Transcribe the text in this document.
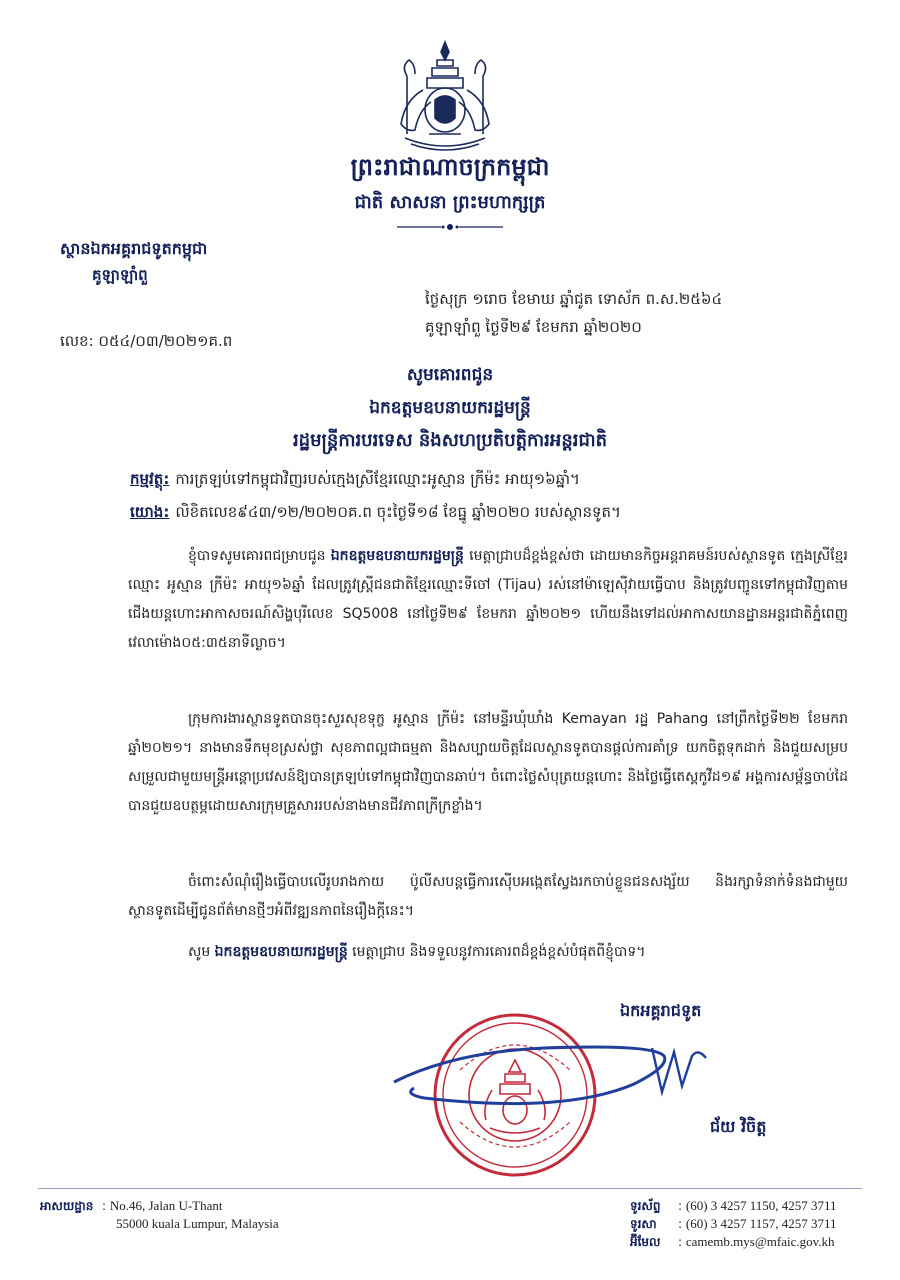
ព្រះរាជាណាចក្រកម្ពុជា
ជាតិ សាសនា ព្រះមហាក្សត្រ
ស្ថានឯកអគ្គរាជទូតកម្ពុជា
គូឡាឡាំពួ
ថ្ងៃសុក្រ ១រោច ខែមាឃ ឆ្នាំជូត ទោស័ក ព.ស.២៥៦៤
គូឡាឡាំពួ ថ្ងៃទី២៩ ខែមករា ឆ្នាំ២០២០
លេខ: ០៥៤/០៣/២០២១គ.ព
សូមគោរពជូន
ឯកឧត្តមឧបនាយករដ្ឋមន្ត្រី
រដ្ឋមន្ត្រីការបរទេស និងសហប្រតិបត្តិការអន្តរជាតិ
កម្មវត្ថុ: ការត្រឡប់ទៅកម្ពុជាវិញរបស់ក្មេងស្រីខ្មែរឈ្មោះអូស្មាន ក្រីម៉ះ អាយុ១៦ឆ្នាំ។
យោង: លិខិតលេខ៩៤៣/១២/២០២០គ.ព ចុះថ្ងៃទី១៨ ខែធ្នូ ឆ្នាំ២០២០ របស់ស្ថានទូត។
ខ្ញុំបាទសូមគោរពជម្រាបជូន ឯកឧត្តមឧបនាយករដ្ឋមន្ត្រី មេត្តាជ្រាបដ៏ខ្ពង់ខ្ពស់ថា ដោយមានកិច្ចអន្តរាគមន៍របស់ស្ថានទូត ក្មេងស្រីខ្មែរឈ្មោះ អូស្មាន ក្រីម៉ះ អាយុ១៦ឆ្នាំ ដែលត្រូវស្រ្តីជនជាតិខ្មែរឈ្មោះទីចៅ (Tijau) រស់នៅម៉ាឡេស៊ីវាយធ្វើបាប និងត្រូវបញ្ជូនទៅកម្ពុជាវិញតាមជើងយន្តហោះអាកាសចរណ៍សិង្ហបុរីលេខ SQ5008 នៅថ្ងៃទី២៩ ខែមករា ឆ្នាំ២០២១ ហើយនឹងទៅដល់អាកាសយានដ្ឋានអន្តរជាតិភ្នំពេញវេលាម៉ោង០៥:៣៥នាទីល្ងាច។
ក្រុមការងារស្ថានទូតបានចុះសួរសុខទុក្ខ អូស្មាន ក្រីម៉ះ នៅមន្ទីរឃុំឃាំង Kemayan រដ្ឋ Pahang នៅព្រឹកថ្ងៃទី២២ ខែមករា ឆ្នាំ២០២១។ នាងមានទឹកមុខស្រស់ថ្លា សុខភាពល្អជាធម្មតា និងសប្បាយចិត្តដែលស្ថានទូតបានផ្តល់ការគាំទ្រ យកចិត្តទុកដាក់ និងជួយសម្របសម្រួលជាមួយមន្ត្រីអន្តោប្រវេសន៍ឱ្យបានត្រឡប់ទៅកម្ពុជាវិញបានឆាប់។ ចំពោះថ្លៃសំបុត្រយន្តហោះ និងថ្លៃធ្វើតេស្តកូវីដ១៩ អង្គការសម្ព័ន្ធចាប់ដៃបានជួយឧបត្ថម្ភដោយសារក្រុមគ្រួសាររបស់នាងមានជីវភាពក្រីក្រខ្លាំង។
ចំពោះសំណុំរឿងធ្វើបាបលើរូបរាងកាយ ប៉ូលីសបន្តធ្វើការស៊ើបអង្កេតស្វែងរកចាប់ខ្លួនជនសង្ស័យ និងរក្សាទំនាក់ទំនងជាមួយស្ថានទូតដើម្បីជូនព័ត៌មានថ្មីៗអំពីវឌ្ឍនភាពនៃរឿងក្តីនេះ។
សូម ឯកឧត្តមឧបនាយករដ្ឋមន្ត្រី មេត្តាជ្រាប និងទទួលនូវការគោរពដ៏ខ្ពង់ខ្ពស់បំផុតពីខ្ញុំបាទ។
ឯកអគ្គរាជទូត
ជ័យ វិចិត្ត
អាសយដ្ឋាន : No.46, Jalan U-Thant
55000 kuala Lumpur, Malaysia
ទូរស័ព្ទ : (60) 3 4257 1150, 4257 3711
ទូរសា : (60) 3 4257 1157, 4257 3711
អ៊ីមែល : camemb.mys@mfaic.gov.kh
